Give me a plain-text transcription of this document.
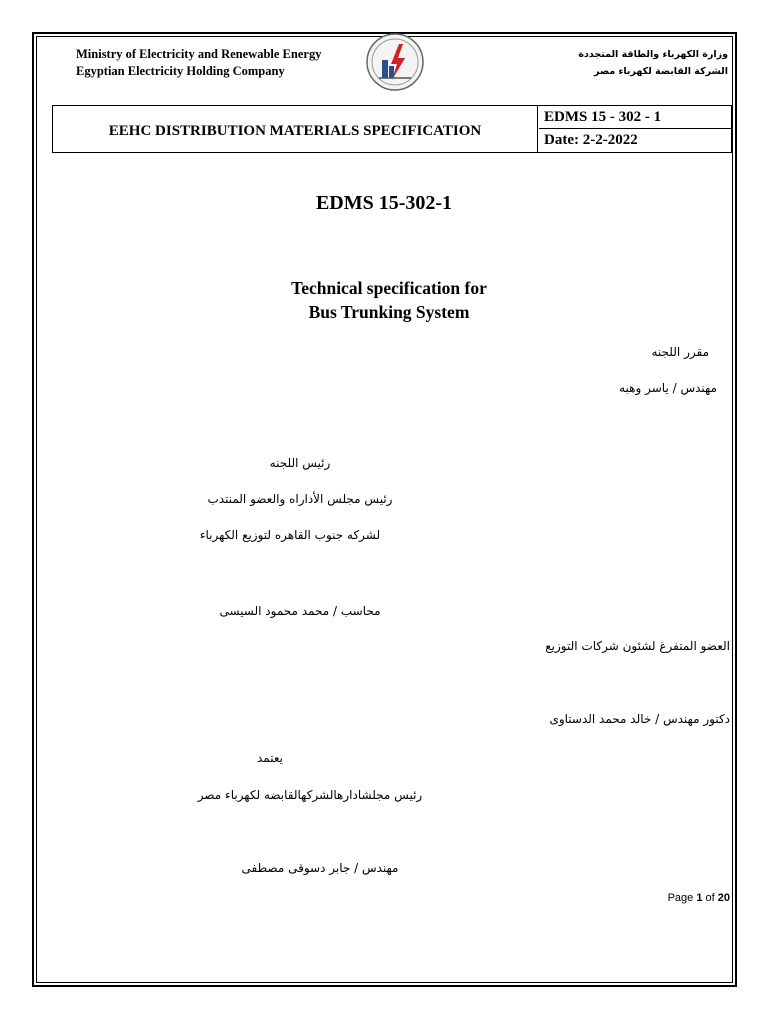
Ministry of Electricity and Renewable Energy
Egyptian Electricity Holding Company
وزارة الكهرباء والطاقة المتجددة
الشركة القابضة لكهرباء مصر
EEHC DISTRIBUTION MATERIALS SPECIFICATION
EDMS 15 - 302 - 1
Date: 2-2-2022
EDMS 15-302-1
Technical specification for
Bus Trunking System
مقرر اللجنه
مهندس / ياسر وهبه
رئيس اللجنه
رئيس مجلس الأداراه والعضو المنتدب
لشركه جنوب القاهره لتوزيع الكهرباء
محاسب / محمد محمود السيسى
العضو المتفرغ لشئون شركات التوزيع
دكتور مهندس / خالد محمد الدستاوى
يعتمد
رئيس مجلشادارهالشركهالقابضه لكهرباء مصر
مهندس / جابر دسوقى مصطفى
Page 1 of 20
